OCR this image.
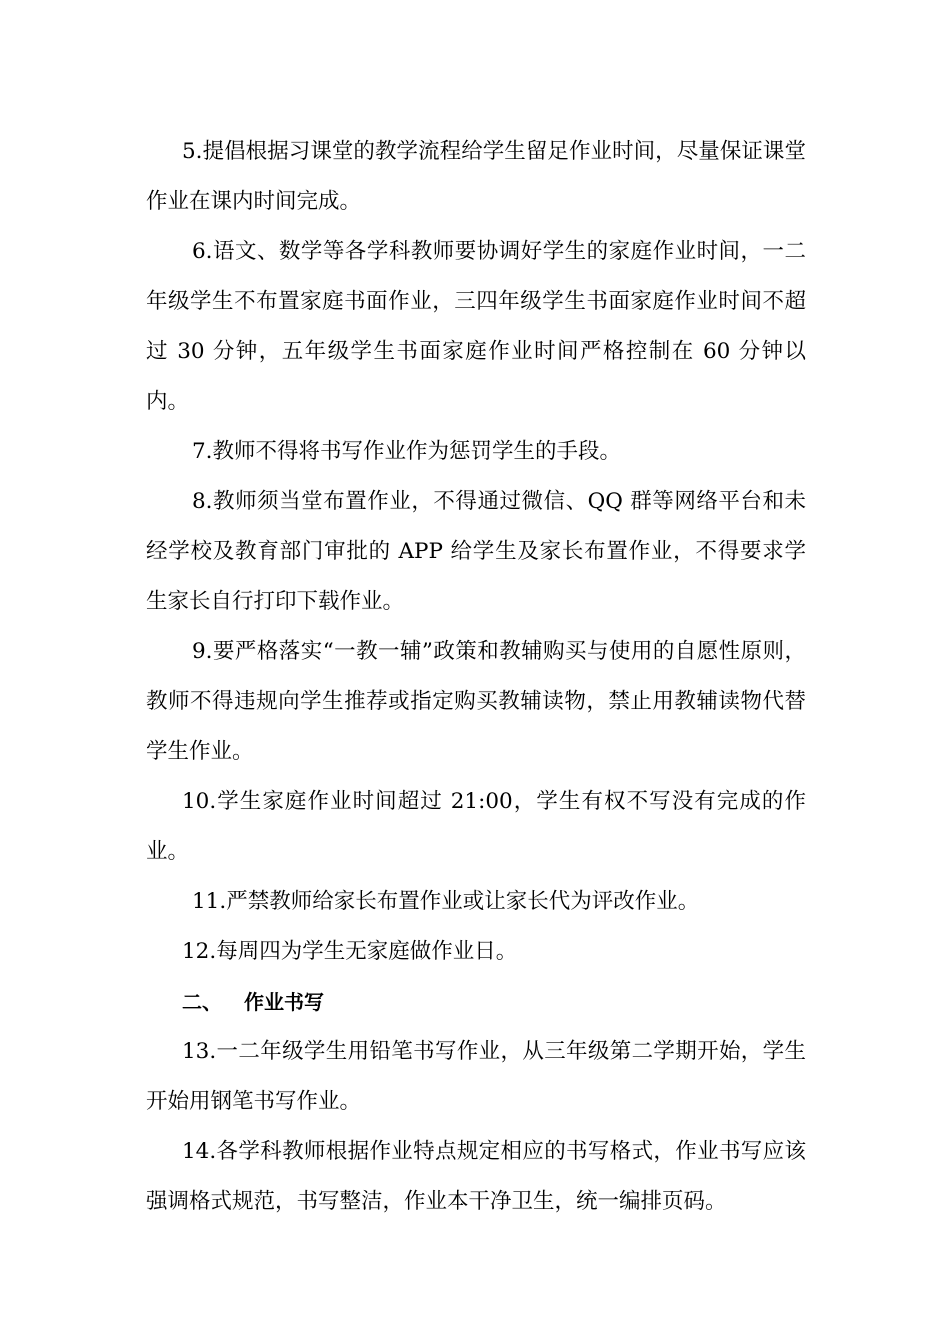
5.提倡根据习课堂的教学流程给学生留足作业时间，尽量保证课堂作业在课内时间完成。

6.语文、数学等各学科教师要协调好学生的家庭作业时间，一二年级学生不布置家庭书面作业，三四年级学生书面家庭作业时间不超过 30 分钟，五年级学生书面家庭作业时间严格控制在 60 分钟以内。

7.教师不得将书写作业作为惩罚学生的手段。

8.教师须当堂布置作业，不得通过微信、QQ 群等网络平台和未经学校及教育部门审批的 APP 给学生及家长布置作业，不得要求学生家长自行打印下载作业。

9.要严格落实“一教一辅”政策和教辅购买与使用的自愿性原则，教师不得违规向学生推荐或指定购买教辅读物，禁止用教辅读物代替学生作业。

10.学生家庭作业时间超过 21:00，学生有权不写没有完成的作业。

11.严禁教师给家长布置作业或让家长代为评改作业。

12.每周四为学生无家庭做作业日。

二、 作业书写

13.一二年级学生用铅笔书写作业，从三年级第二学期开始，学生开始用钢笔书写作业。

14.各学科教师根据作业特点规定相应的书写格式，作业书写应该强调格式规范，书写整洁，作业本干净卫生，统一编排页码。
